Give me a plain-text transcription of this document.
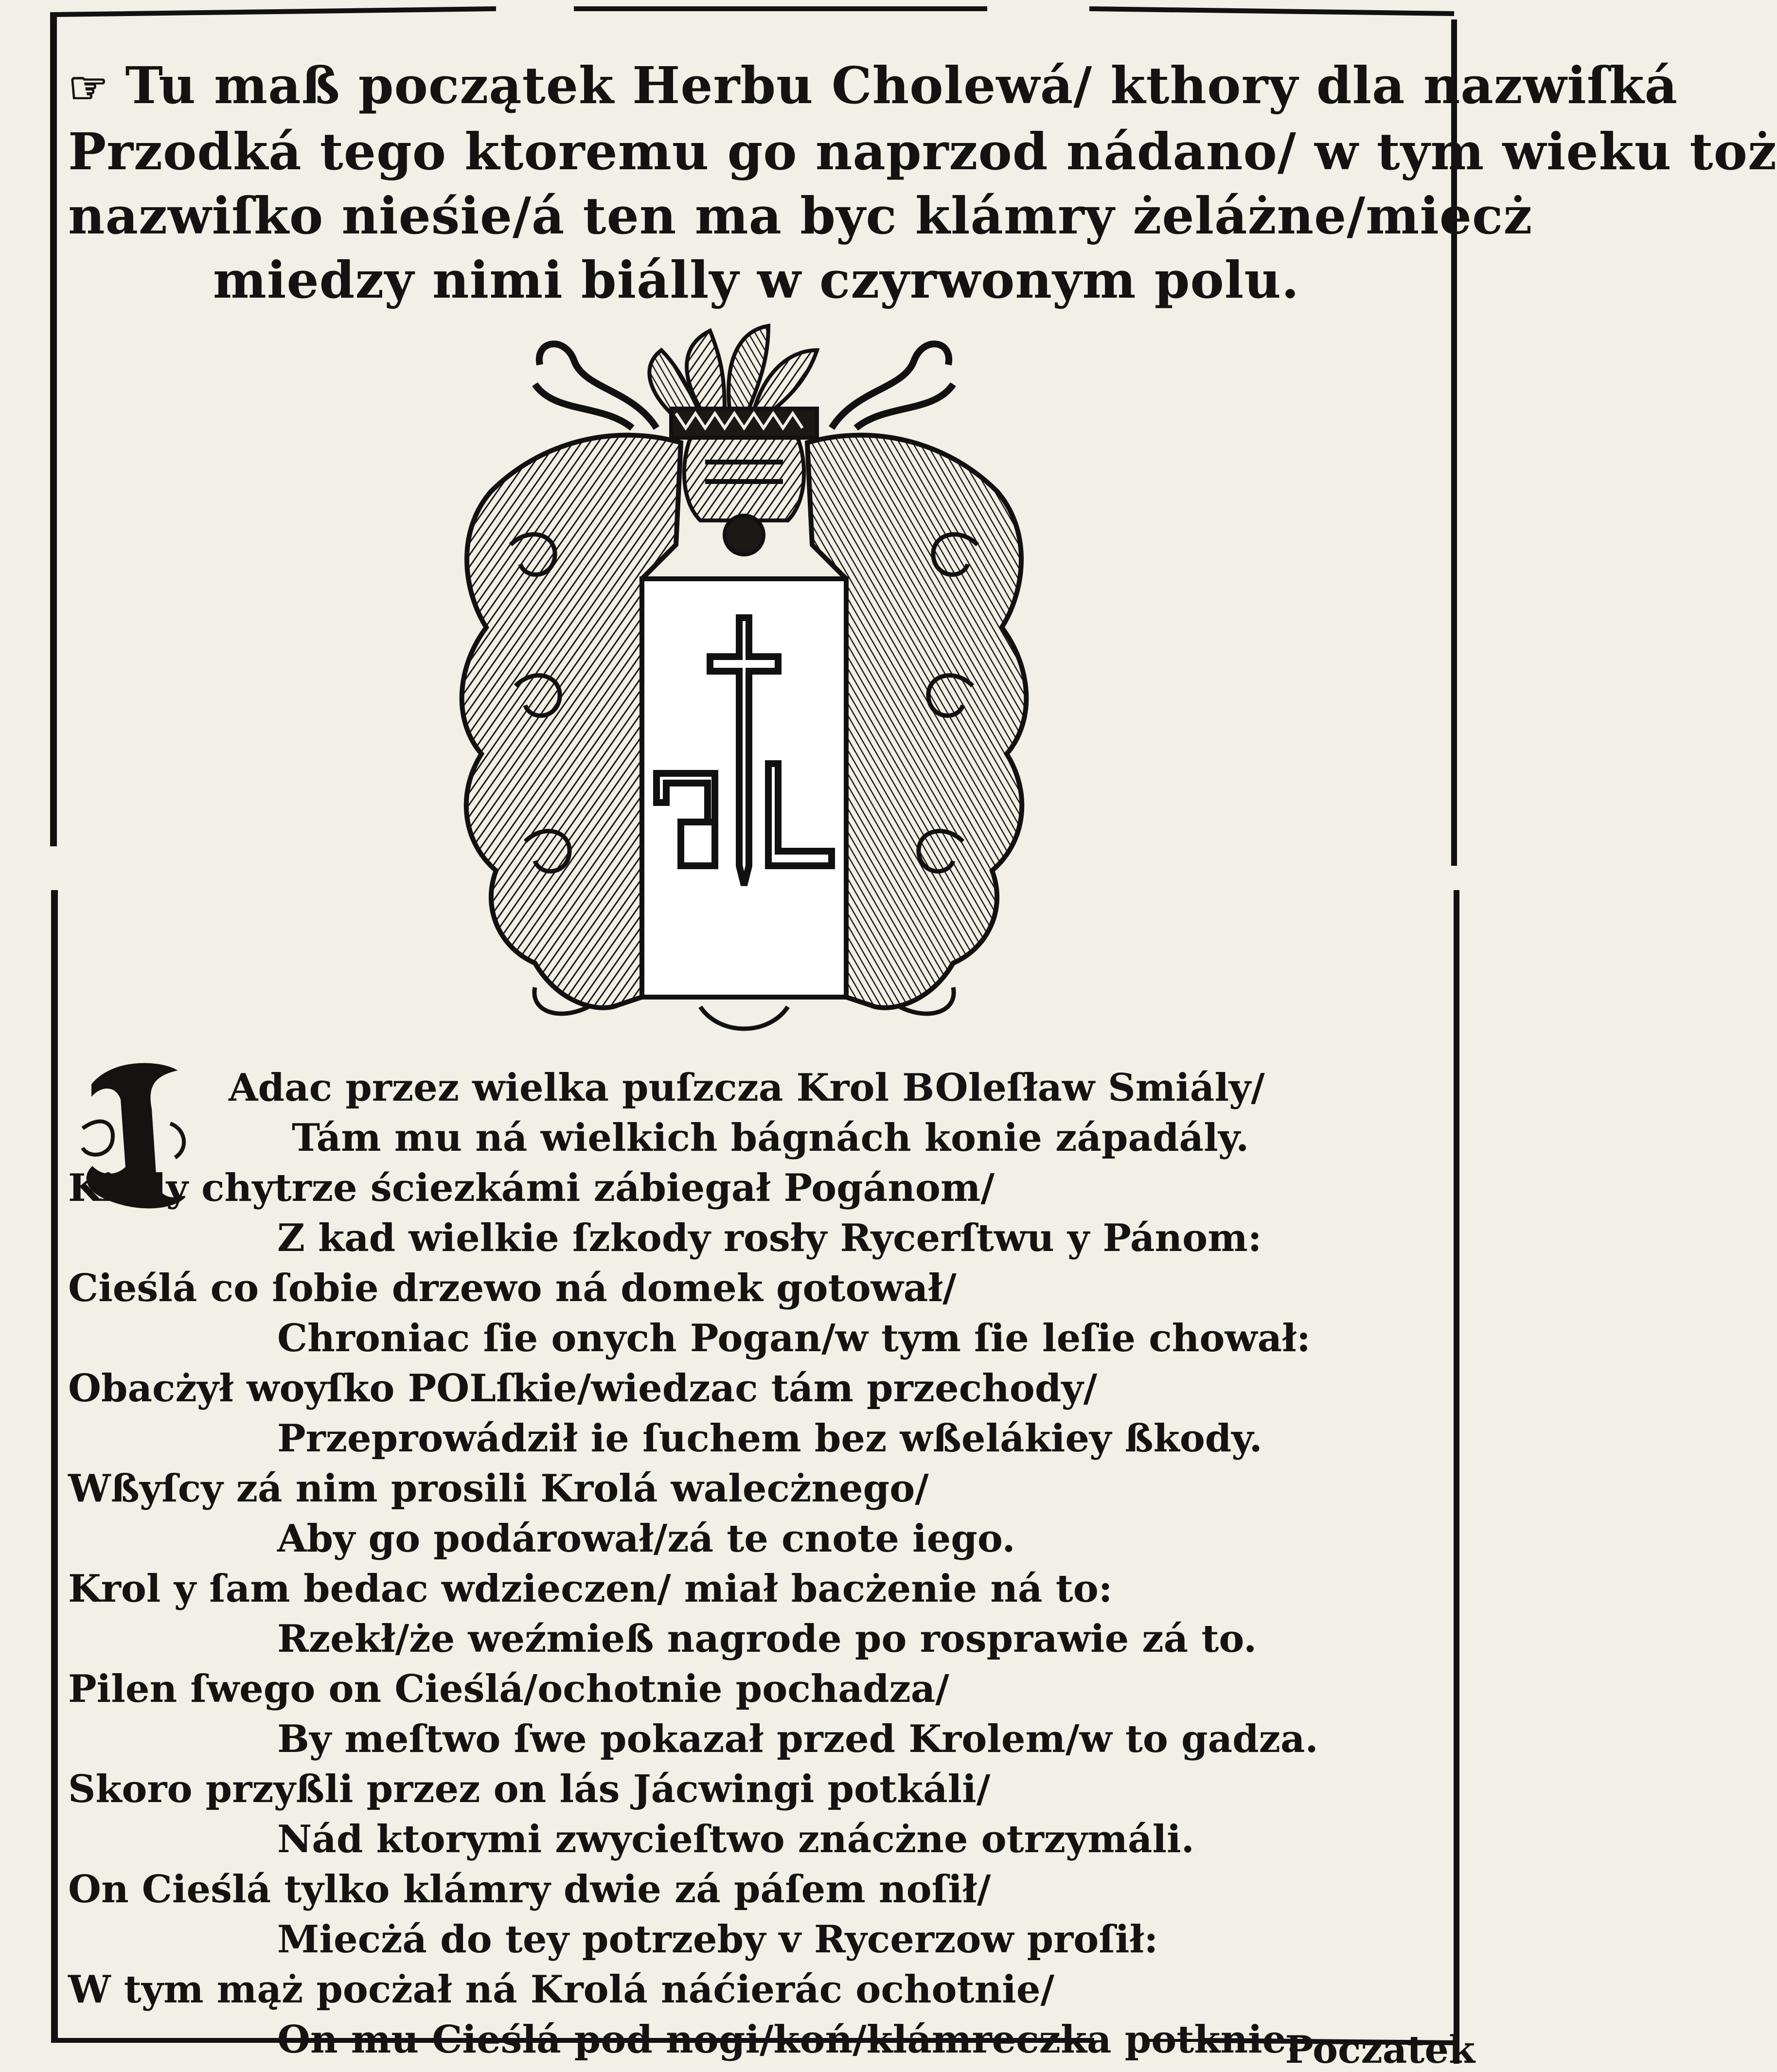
☞ Tu maß początek Herbu Cholewá/ kthory dla nazwiſká
Przodká tego ktoremu go naprzod nádano/ w tym wieku toż
nazwiſko nieśie/á ten ma byc klámry żeláżne/miecż
miedzy nimi biálly w czyrwonym polu.
Adac przez wielka puſzcza Krol BOleſław Smiály/
Tám mu ná wielkich bágnách konie západály.
Kiedy chytrze ściezkámi zábiegał Pogánom/
Z kad wielkie ſzkody rosły Rycerſtwu y Pánom:
Cieślá co ſobie drzewo ná domek gotował/
Chroniac ſie onych Pogan/w tym ſie leſie chował:
Obacżył woyſko POLſkie/wiedzac tám przechody/
Przeprowádził ie ſuchem bez wßelákiey ßkody.
Wßyſcy zá nim prosili Krolá walecżnego/
Aby go podárował/zá te cnote iego.
Krol y ſam bedac wdzieczen/ miał bacżenie ná to:
Rzekł/że weźmieß nagrode po rosprawie zá to.
Pilen ſwego on Cieślá/ochotnie pochadza/
By meſtwo ſwe pokazał przed Krolem/w to gadza.
Skoro przyßli przez on lás Jácwingi potkáli/
Nád ktorymi zwycieſtwo znácżne otrzymáli.
On Cieślá tylko klámry dwie zá páſem noſił/
Miecżá do tey potrzeby v Rycerzow proſił:
W tym mąż pocżał ná Krolá náćierác ochotnie/
On mu Cieślá pod nogi/koń/klámreczka potknie.
Poczatek
